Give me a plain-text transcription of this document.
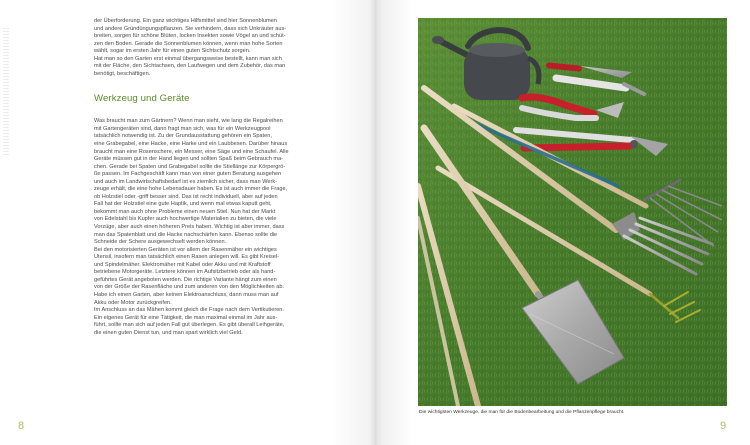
der Überforderung. Ein ganz wichtiges Hilfsmittel sind hier Sonnenblumen

und andere Gründüngungspflanzen. Sie verhindern, dass sich Unkräuter aus-

breiten, sorgen für schöne Blüten, locken Insekten sowie Vögel an und schüt-

zen den Boden. Gerade die Sonnenblumen können, wenn man hohe Sorten

wählt, sogar im ersten Jahr für einen guten Sichtschutz sorgen.

Hat man so den Garten erst einmal übergangsweise bestellt, kann man sich

mit der Fläche, den Sichtachsen, den Laufwegen und dem Zubehör, das man

benötigt, beschäftigen.

Werkzeug und Geräte

Was braucht man zum Gärtnern? Wenn man sieht, wie lang die Regalreihen

mit Gartengeräten sind, dann fragt man sich, was für ein Werkzeugpool

tatsächlich notwendig ist. Zu der Grundausstattung gehören ein Spaten,

eine Grabegabel, eine Hacke, eine Harke und ein Laubbesen. Darüber hinaus

braucht man eine Rosenschere, ein Messer, eine Säge und eine Schaufel. Alle

Geräte müssen gut in der Hand liegen und sollten Spaß beim Gebrauch ma-

chen. Gerade bei Spaten und Grabegabel sollte die Stiellänge zur Körpergrö-

ße passen. Im Fachgeschäft kann man von einer guten Beratung ausgehen

und auch im Landwirtschaftsbedarf ist es ziemlich sicher, dass man Werk-

zeuge erhält, die eine hohe Lebensdauer haben. Es ist auch immer die Frage,

ob Holzstiel oder -griff besser sind. Das ist recht individuell, aber auf jeden

Fall hat der Holzstiel eine gute Haptik, und wenn mal etwas kaputt geht,

bekommt man auch ohne Probleme einen neuen Stiel. Nun hat der Markt

von Edelstahl bis Kupfer auch hochwertige Materialien zu bieten, die viele

Vorzüge, aber auch einen höheren Preis haben. Wichtig ist aber immer, dass

man das Spatenblatt und die Hacke nachschärfen kann. Ebenso sollte die

Schneide der Schere ausgewechselt werden können.

Bei den motorisierten Geräten ist vor allem der Rasenmäher ein wichtiges

Utensil, insofern man tatsächlich einen Rasen anlegen will. Es gibt Kreisel-

und Spindelmäher. Elektromäher mit Kabel oder Akku und mit Kraftstoff

betriebene Motorgeräte. Letztere können im Aufsitzbetrieb oder als hand-

geführtes Gerät angeboten werden. Die richtige Variante hängt zum einen

von der Größe der Rasenfläche und zum anderen von den Möglichkeiten ab.

Habe ich einen Garten, aber keinen Elektroanschluss, dann muss man auf

Akku oder Motor zurückgreifen.

Im Anschluss an das Mähen kommt gleich die Frage nach dem Vertikutieren.

Ein eigenes Gerät für eine Tätigkeit, die man maximal einmal im Jahr aus-

führt, sollte man sich auf jeden Fall gut überlegen. Es gibt überall Leihgeräte,

die einen guten Dienst tun, und man spart wirklich viel Geld.

8
Die wichtigsten Werkzeuge, die man für die Bodenbearbeitung und die Pflanzenpflege braucht.
9
